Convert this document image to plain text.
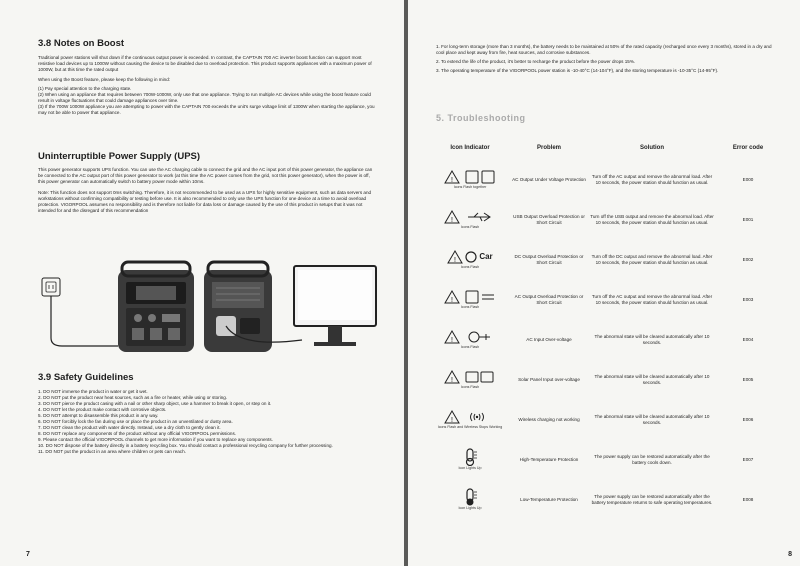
3.8 Notes on Boost

Traditional power stations will shut down if the continuous output power is exceeded. In contrast, the CAPTAIN 700 AC inverter boost function can support most resistive load devices up to 1000W without causing the device to be disabled due to overload protection. This product supports appliances with a maximum power of 1000W, but at this time the rated output

When using the Boost feature, please keep the following in mind:

(1) Pay special attention to the charging state.
(2) When using an appliance that requires between 700W-1000W, only use that one appliance. Trying to run multiple AC devices while using the boost feature could result in voltage fluctuations that could damage appliances over time.
(3) If the 700W 1000W appliance you are attempting to power with the CAPTAIN 700 exceeds the unit's surge voltage limit of 1300W when starting the appliance, you may not be able to power that appliance.
Uninterruptible Power Supply (UPS)

This power generator supports UPS function. You can use the AC charging cable to connect the grid and the AC input port of this power generator, the appliance can be connected to the AC output port of this power generator to work (at this time the AC power comes from the grid, not this power generator), when the power is off, this power generator can automatically switch to battery power mode within 10ms.

Note: This function does not support 0ms switching. Therefore, it is not recommended to be used as a UPS for highly sensitive equipment, such as data servers and workstations without confirming compatibility or testing before use. It is also recommended to only use the UPS function for one device at a time to avoid overload protection. VIGORPOOL assumes no responsibility and is therefore not liable for data loss or damage caused by the use of this product in setups that it was not intended for and the disregard of this recommendation

3.9 Safety Guidelines
1. DO NOT immerse the product in water or get it wet.
2. DO NOT put the product near heat sources, such as a fire or heater, while using or storing.
3. DO NOT pierce the product casing with a nail or other sharp object, use a hammer to break it open, or step on it.
4. DO NOT let the product make contact with corrosive objects.
5. DO NOT attempt to disassemble this product in any way.
6. DO NOT forcibly lock the fan during use or place the product in an unventilated or dusty area.
7. DO NOT clean the product with water directly. Instead, use a dry cloth to gently clean it.
8. DO NOT replace any components of the product without any official VIGORPOOL permissions.
9. Please contact the official VIGORPOOL channels to get more information if you want to replace any components.
10. DO NOT dispose of the battery directly in a battery recycling box. You should contact a professional recycling company for further processing.
11. DO NOT put the product in an area where children or pets can reach.
7

1. For long-term storage (more than 3 months), the battery needs to be maintained at 50% of the rated capacity (recharged once every 3 months), stored in a dry and cool place and kept away from fire, heat sources, and corrosive substances.

2. To extend the life of the product, it's better to recharge the product before the power drops 15%.

3. The operating temperature of the VIGORPOOL power station is -10-40°C (14-104°F), and the storing temperature is -10-35°C (14-95°F).

5. Troubleshooting
Icon Indicator	Problem	Solution	Error code

!
Icons Flash together	AC Output Under Voltage Protection	Turn off the AC output and remove the abnormal load. After 10 seconds, the power station should function as usual.	E000

!
Icons Flash	USB Output Overload Protection or Short Circuit	Turn off the USB output and remove the abnormal load. After 10 seconds, the power station should function as usual.	E001

! Car
Icons Flash	DC Output Overload Protection or Short Circuit	Turn off the DC output and remove the abnormal load. After 10 seconds, the power station should function as usual.	E002

!
Icons Flash	AC Output Overload Protection or Short Circuit	Turn off the AC output and remove the abnormal load. After 10 seconds, the power station should function as usual.	E003

!
Icons Flash	AC Input Over-voltage	The abnormal state will be cleared automatically after 10 seconds.	E004

!
Icons Flash	Solar Panel Input over-voltage	The abnormal state will be cleared automatically after 10 seconds.	E005

!
Icons Flash and Wireless Stops Working	Wireless charging not working	The abnormal state will be cleared automatically after 10 seconds.	E006

Icon Lights Up	High-Temperature Protection	The power supply can be restored automatically after the battery cools down.	E007

Icon Lights Up	Low-Temperature Protection	The power supply can be restored automatically after the battery temperature returns to safe operating temperatures.	E008
8
